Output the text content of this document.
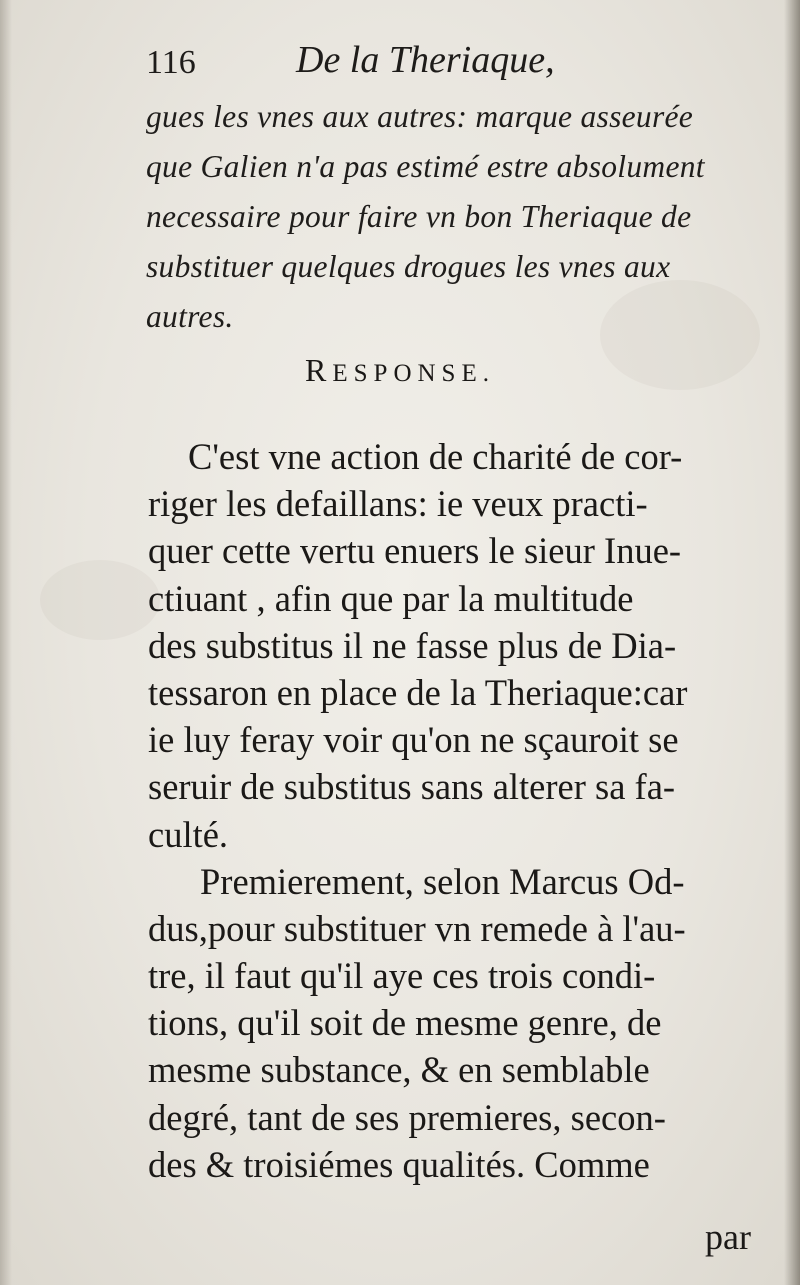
116	De la Theriaque,
gues les vnes aux autres: marque asseurée
que Galien n'a pas estimé estre absolument
necessaire pour faire vn bon Theriaque de
substituer quelques drogues les vnes aux
autres.
RESPONSE.
C'est vne action de charité de cor-
riger les defaillans: ie veux practi-
quer cette vertu enuers le sieur Inue-
ctiuant , afin que par la multitude
des substitus il ne fasse plus de Dia-
tessaron en place de la Theriaque:car
ie luy feray voir qu'on ne sçauroit se
seruir de substitus sans alterer sa fa-
culté.
Premierement, selon Marcus Od-
dus,pour substituer vn remede à l'au-
tre, il faut qu'il aye ces trois condi-
tions, qu'il soit de mesme genre, de
mesme substance, & en semblable
degré, tant de ses premieres, secon-
des & troisiémes qualités. Comme
par
